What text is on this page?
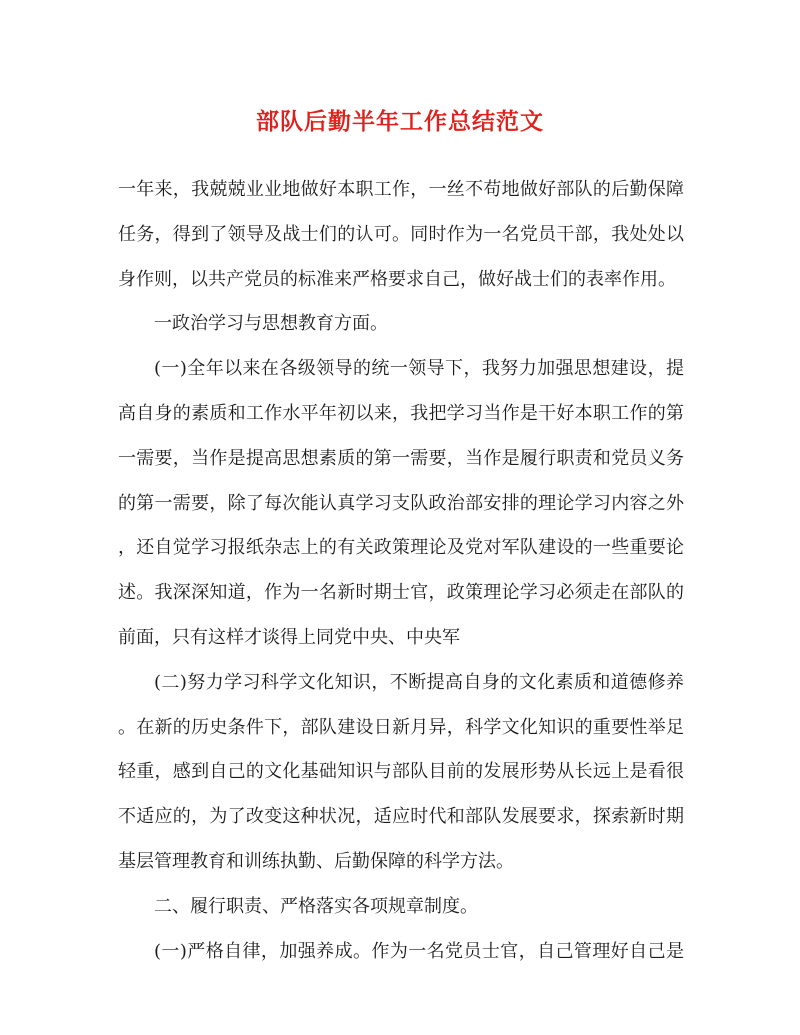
部队后勤半年工作总结范文
一年来，我兢兢业业地做好本职工作，一丝不苟地做好部队的后勤保障
任务，得到了领导及战士们的认可。同时作为一名党员干部，我处处以
身作则，以共产党员的标准来严格要求自己，做好战士们的表率作用。
一政治学习与思想教育方面。
(一)全年以来在各级领导的统一领导下，我努力加强思想建设，提
高自身的素质和工作水平年初以来，我把学习当作是干好本职工作的第
一需要，当作是提高思想素质的第一需要，当作是履行职责和党员义务
的第一需要，除了每次能认真学习支队政治部安排的理论学习内容之外
，还自觉学习报纸杂志上的有关政策理论及党对军队建设的一些重要论
述。我深深知道，作为一名新时期士官，政策理论学习必须走在部队的
前面，只有这样才谈得上同党中央、中央军
(二)努力学习科学文化知识，不断提高自身的文化素质和道德修养
。在新的历史条件下，部队建设日新月异，科学文化知识的重要性举足
轻重，感到自己的文化基础知识与部队目前的发展形势从长远上是看很
不适应的，为了改变这种状况，适应时代和部队发展要求，探索新时期
基层管理教育和训练执勤、后勤保障的科学方法。
二、履行职责、严格落实各项规章制度。
(一)严格自律，加强养成。作为一名党员士官，自己管理好自己是
